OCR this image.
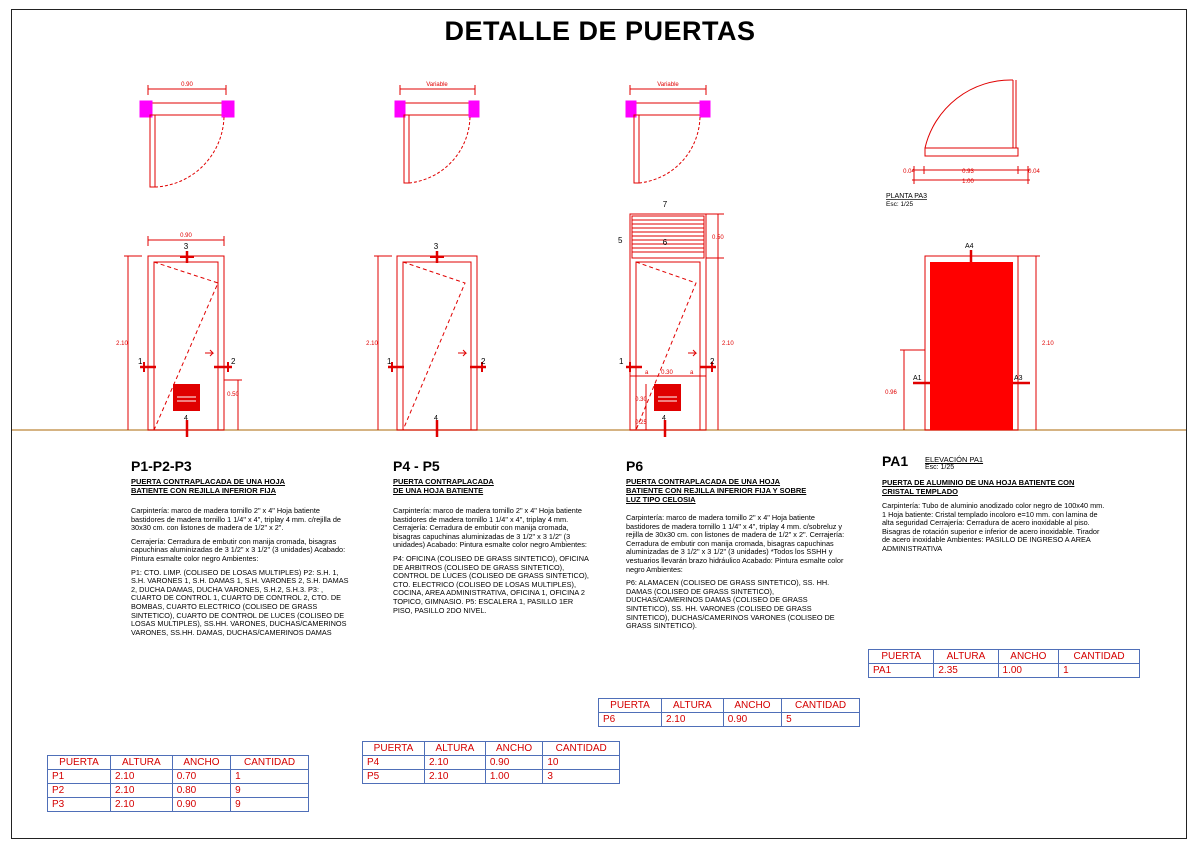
DETALLE DE PUERTAS
0.90	Variable	Variable
0.04	0.93	0.04
1.00
PLANTA PA3
Esc: 1/25
0.90
2.10
0.50
3
1	2
4
2.10
3
1	2
4
2.10
0.50
0.30
0.30
0.25
7
5	6
1	2
a	a
4
2.10
0.96
A4
A1	A3
P1-P2-P3
PUERTA CONTRAPLACADA DE UNA HOJA
BATIENTE CON REJILLA INFERIOR FIJA

Carpintería: marco de madera tornillo 2" x 4" Hoja batiente bastidores de madera tornillo 1 1/4" x 4", triplay 4 mm. c/rejilla de 30x30 cm. con listones de madera de 1/2" x 2".

Cerrajería: Cerradura de embutir con manija cromada, bisagras capuchinas aluminizadas de 3 1/2" x 3 1/2" (3 unidades) Acabado: Pintura esmalte color negro Ambientes:

P1: CTO. LIMP. (COLISEO DE LOSAS MULTIPLES) P2: S.H. 1, S.H. VARONES 1, S.H. DAMAS 1, S.H. VARONES 2, S.H. DAMAS 2, DUCHA DAMAS, DUCHA VARONES, S.H.2, S.H.3. P3: , CUARTO DE CONTROL 1, CUARTO DE CONTROL 2, CTO. DE BOMBAS, CUARTO ELECTRICO (COLISEO DE GRASS SINTETICO), CUARTO DE CONTROL DE LUCES (COLISEO DE LOSAS MULTIPLES), SS.HH. VARONES, DUCHAS/CAMERINOS VARONES, SS.HH. DAMAS, DUCHAS/CAMERINOS DAMAS

P4 - P5
PUERTA CONTRAPLACADA
DE UNA HOJA BATIENTE

Carpintería: marco de madera tornillo 2" x 4" Hoja batiente bastidores de madera tornillo 1 1/4" x 4", triplay 4 mm. Cerrajería: Cerradura de embutir con manija cromada, bisagras capuchinas aluminizadas de 3 1/2" x 3 1/2" (3 unidades) Acabado: Pintura esmalte color negro Ambientes:

P4: OFICINA (COLISEO DE GRASS SINTETICO), OFICINA DE ARBITROS (COLISEO DE GRASS SINTETICO), CONTROL DE LUCES (COLISEO DE GRASS SINTETICO), CTO. ELECTRICO (COLISEO DE LOSAS MULTIPLES), COCINA, AREA ADMINISTRATIVA, OFICINA 1, OFICINA 2 TOPICO, GIMNASIO. P5: ESCALERA 1, PASILLO 1ER PISO, PASILLO 2DO NIVEL.

P6
PUERTA CONTRAPLACADA DE UNA HOJA
BATIENTE CON REJILLA INFERIOR FIJA Y SOBRE
LUZ TIPO CELOSIA

Carpintería: marco de madera tornillo 2" x 4" Hoja batiente bastidores de madera tornillo 1 1/4" x 4", triplay 4 mm. c/sobreluz y rejilla de 30x30 cm. con listones de madera de 1/2" x 2". Cerrajería: Cerradura de embutir con manija cromada, bisagras capuchinas aluminizadas de 3 1/2" x 3 1/2" (3 unidades) *Todos los SSHH y vestuarios llevarán brazo hidráulico Acabado: Pintura esmalte color negro Ambientes:

P6: ALAMACEN (COLISEO DE GRASS SINTETICO), SS. HH. DAMAS (COLISEO DE GRASS SINTETICO), DUCHAS/CAMERINOS DAMAS (COLISEO DE GRASS SINTETICO), SS. HH. VARONES (COLISEO DE GRASS SINTETICO), DUCHAS/CAMERINOS VARONES (COLISEO DE GRASS SINTETICO).

PA1 ELEVACIÓN PA1
Esc: 1/25
PUERTA DE ALUMINIO DE UNA HOJA BATIENTE CON
CRISTAL TEMPLADO

Carpintería: Tubo de aluminio anodizado color negro de 100x40 mm. 1 Hoja batiente: Cristal templado incoloro e=10 mm. con lamina de alta seguridad Cerrajería: Cerradura de acero inoxidable al piso. Bisagras de rotación superior e inferior de acero inoxidable. Tirador de acero inoxidable Ambientes: PASILLO DE INGRESO A AREA ADMINISTRATIVA

PUERTA	ALTURA	ANCHO	CANTIDAD
P1	2.10	0.70	1
P2	2.10	0.80	9
P3	2.10	0.90	9
PUERTA	ALTURA	ANCHO	CANTIDAD
P4	2.10	0.90	10
P5	2.10	1.00	3
PUERTA	ALTURA	ANCHO	CANTIDAD
P6	2.10	0.90	5
PUERTA	ALTURA	ANCHO	CANTIDAD
PA1	2.35	1.00	1
